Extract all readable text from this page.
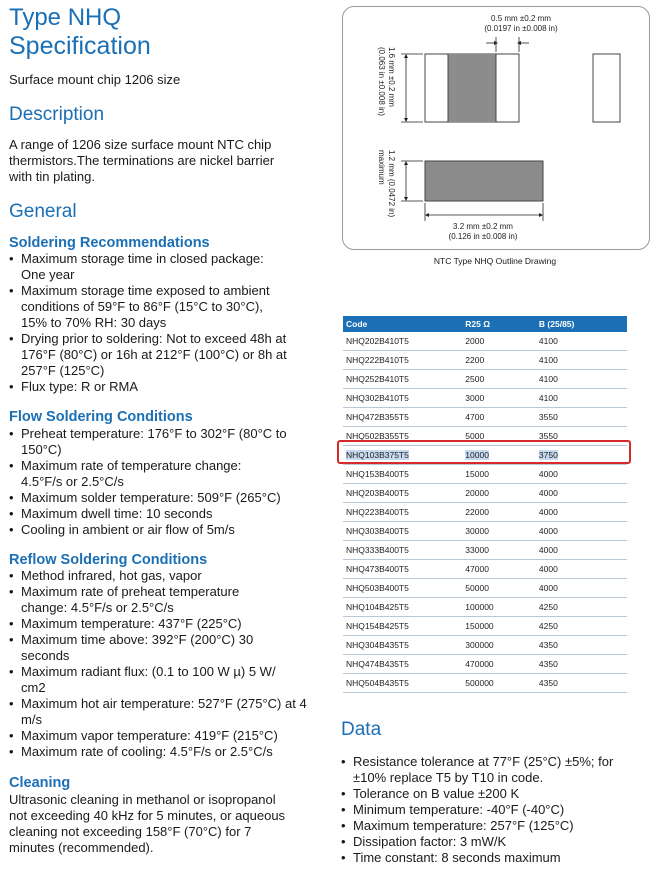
Type NHQ
Specification
Surface mount chip 1206 size
Description
A range of 1206 size surface mount NTC chip thermistors.The terminations are nickel barrier with tin plating.
General
Soldering Recommendations
• Maximum storage time in closed package: One year
• Maximum storage time exposed to ambient conditions of 59°F to 86°F (15°C to 30°C), 15% to 70% RH: 30 days
• Drying prior to soldering: Not to exceed 48h at 176°F (80°C) or 16h at 212°F (100°C) or 8h at 257°F (125°C)
• Flux type: R or RMA
Flow Soldering Conditions
• Preheat temperature: 176°F to 302°F (80°C to 150°C)
• Maximum rate of temperature change: 4.5°F/s or 2.5°C/s
• Maximum solder temperature: 509°F (265°C)
• Maximum dwell time: 10 seconds
• Cooling in ambient or air flow of 5m/s
Reflow Soldering Conditions
• Method infrared, hot gas, vapor
• Maximum rate of preheat temperature change: 4.5°F/s or 2.5°C/s
• Maximum temperature: 437°F (225°C)
• Maximum time above: 392°F (200°C) 30 seconds
• Maximum radiant flux: (0.1 to 100 W µ) 5 W/ cm2
• Maximum hot air temperature: 527°F (275°C) at 4 m/s
• Maximum vapor temperature: 419°F (215°C)
• Maximum rate of cooling: 4.5°F/s or 2.5°C/s
Cleaning
Ultrasonic cleaning in methanol or isopropanol not exceeding 40 kHz for 5 minutes, or aqueous cleaning not exceeding 158°F (70°C) for 7 minutes (recommended).
0.5 mm ±0.2 mm
(0.0197 in ±0.008 in)
1.6 mm ±0.2 mm
(0.063 in ±0.008 in)
1.2 mm (0.0472 in)
maximum
3.2 mm ±0.2 mm
(0.126 in ±0.008 in)
NTC Type NHQ Outline Drawing
Code	R25 Ω	B (25/85)
NHQ202B410T5	2000	4100
NHQ222B410T5	2200	4100
NHQ252B410T5	2500	4100
NHQ302B410T5	3000	4100
NHQ472B355T5	4700	3550
NHQ502B355T5	5000	3550
NHQ103B375T5	10000	3750
NHQ153B400T5	15000	4000
NHQ203B400T5	20000	4000
NHQ223B400T5	22000	4000
NHQ303B400T5	30000	4000
NHQ333B400T5	33000	4000
NHQ473B400T5	47000	4000
NHQ503B400T5	50000	4000
NHQ104B425T5	100000	4250
NHQ154B425T5	150000	4250
NHQ304B435T5	300000	4350
NHQ474B435T5	470000	4350
NHQ504B435T5	500000	4350
Data
• Resistance tolerance at 77°F (25°C) ±5%; for ±10% replace T5 by T10 in code.
• Tolerance on B value ±200 K
• Minimum temperature: -40°F (-40°C)
• Maximum temperature: 257°F (125°C)
• Dissipation factor: 3 mW/K
• Time constant: 8 seconds maximum
